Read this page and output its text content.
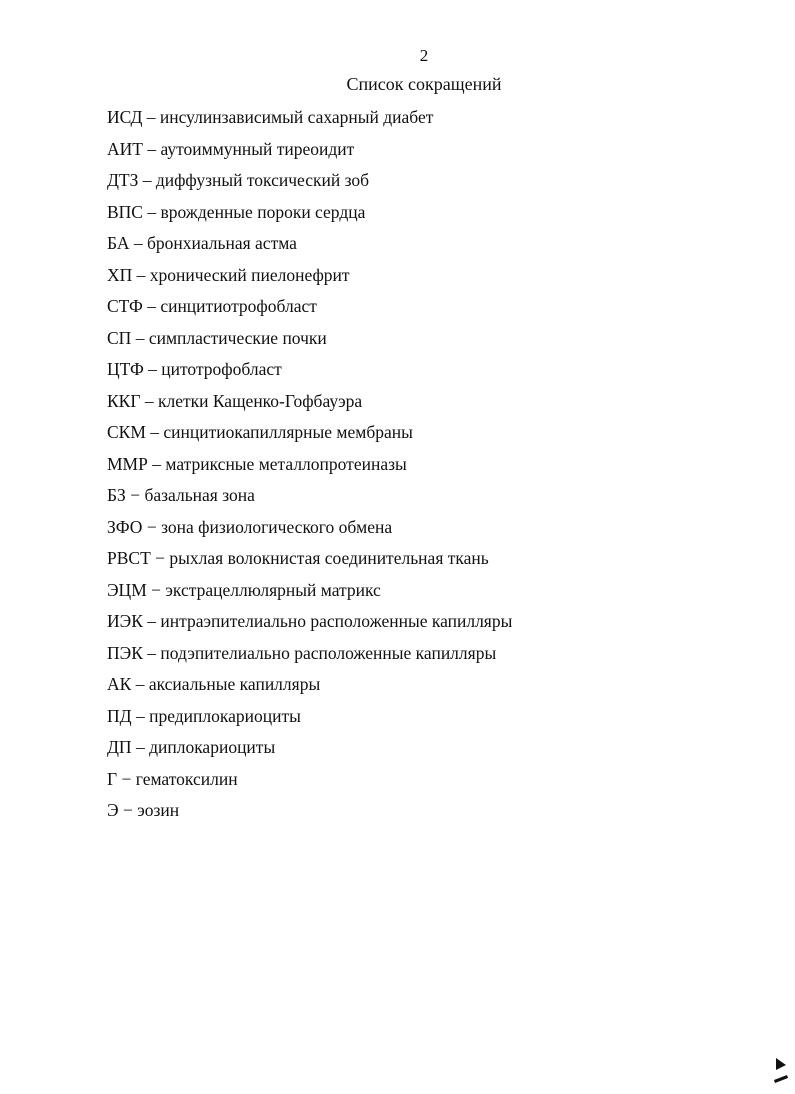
2
Список сокращений
ИСД – инсулинзависимый сахарный диабет
АИТ – аутоиммунный тиреоидит
ДТЗ – диффузный токсический зоб
ВПС – врожденные пороки сердца
БА – бронхиальная астма
ХП – хронический пиелонефрит
СТФ – синцитиотрофобласт
СП – симпластические почки
ЦТФ – цитотрофобласт
ККГ – клетки Кащенко-Гофбауэра
СКМ – синцитиокапиллярные мембраны
ММР – матриксные металлопротеиназы
БЗ − базальная зона
ЗФО − зона физиологического обмена
РВСТ − рыхлая волокнистая соединительная ткань
ЭЦМ − экстрацеллюлярный матрикс
ИЭК – интраэпителиально расположенные капилляры
ПЭК – подэпителиально расположенные капилляры
АК – аксиальные капилляры
ПД – предиплокариоциты
ДП – диплокариоциты
Г − гематоксилин
Э − эозин
